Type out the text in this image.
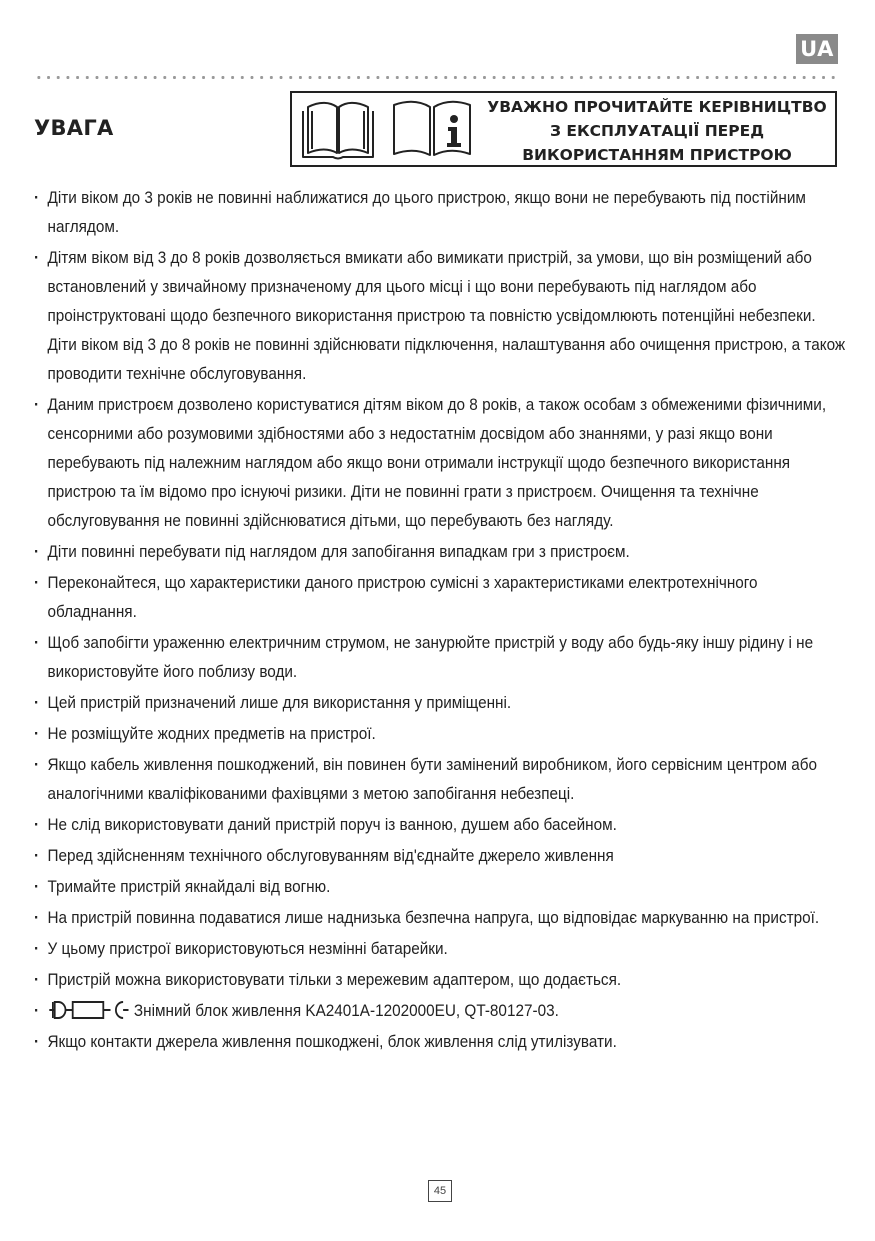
UA
УВАГА
УВАЖНО ПРОЧИТАЙТЕ КЕРІВНИЦТВО
З ЕКСПЛУАТАЦІЇ ПЕРЕД
ВИКОРИСТАННЯМ ПРИСТРОЮ
· Діти віком до 3 років не повинні наближатися до цього пристрою, якщо вони не перебувають під постійним наглядом.
· Дітям віком від 3 до 8 років дозволяється вмикати або вимикати пристрій, за умови, що він розміщений або встановлений у звичайному призначеному для цього місці і що вони перебувають під наглядом або проінструктовані щодо безпечного використання пристрою та повністю усвідомлюють потенційні небезпеки. Діти віком від 3 до 8 років не повинні здійснювати підключення, налаштування або очищення пристрою, а також проводити технічне обслуговування.
· Даним пристроєм дозволено користуватися дітям віком до 8 років, а також особам з обмеженими фізичними, сенсорними або розумовими здібностями або з недостатнім досвідом або знаннями, у разі якщо вони перебувають під належним наглядом або якщо вони отримали інструкції щодо безпечного використання пристрою та їм відомо про існуючі ризики. Діти не повинні грати з пристроєм. Очищення та технічне обслуговування не повинні здійснюватися дітьми, що перебувають без нагляду.
· Діти повинні перебувати під наглядом для запобігання випадкам гри з пристроєм.
· Переконайтеся, що характеристики даного пристрою сумісні з характеристиками електротехнічного обладнання.
· Щоб запобігти ураженню електричним струмом, не занурюйте пристрій у воду або будь-яку іншу рідину і не використовуйте його поблизу води.
· Цей пристрій призначений лише для використання у приміщенні.
· Не розміщуйте жодних предметів на пристрої.
· Якщо кабель живлення пошкоджений, він повинен бути замінений виробником, його сервісним центром або аналогічними кваліфікованими фахівцями з метою запобігання небезпеці.
· Не слід використовувати даний пристрій поруч із ванною, душем або басейном.
· Перед здійсненням технічного обслуговуванням від'єднайте джерело живлення
· Тримайте пристрій якнайдалі від вогню.
· На пристрій повинна подаватися лише наднизька безпечна напруга, що відповідає маркуванню на пристрої.
· У цьому пристрої використовуються незмінні батарейки.
· Пристрій можна використовувати тільки з мережевим адаптером, що додається.
· Знімний блок живлення KA2401A-1202000EU, QT-80127-03.
· Якщо контакти джерела живлення пошкоджені, блок живлення слід утилізувати.
45
